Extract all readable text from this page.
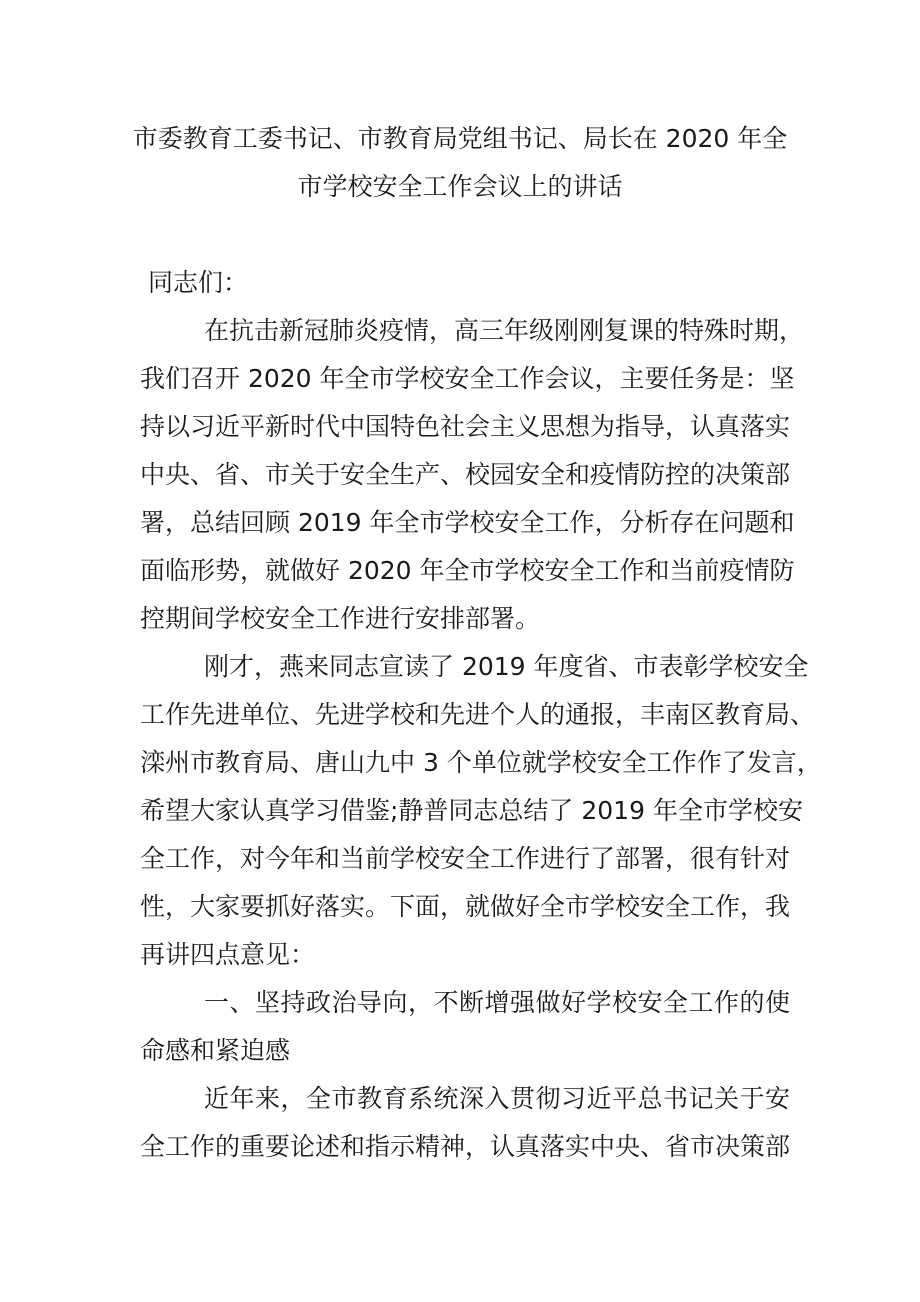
市委教育工委书记、市教育局党组书记、局长在 2020 年全
市学校安全工作会议上的讲话
同志们：
在抗击新冠肺炎疫情，高三年级刚刚复课的特殊时期，
我们召开 2020 年全市学校安全工作会议，主要任务是：坚
持以习近平新时代中国特色社会主义思想为指导，认真落实
中央、省、市关于安全生产、校园安全和疫情防控的决策部
署，总结回顾 2019 年全市学校安全工作，分析存在问题和
面临形势，就做好 2020 年全市学校安全工作和当前疫情防
控期间学校安全工作进行安排部署。
刚才，燕来同志宣读了 2019 年度省、市表彰学校安全
工作先进单位、先进学校和先进个人的通报，丰南区教育局、
滦州市教育局、唐山九中 3 个单位就学校安全工作作了发言，
希望大家认真学习借鉴;静普同志总结了 2019 年全市学校安
全工作，对今年和当前学校安全工作进行了部署，很有针对
性，大家要抓好落实。下面，就做好全市学校安全工作，我
再讲四点意见：
一、坚持政治导向，不断增强做好学校安全工作的使
命感和紧迫感
近年来，全市教育系统深入贯彻习近平总书记关于安
全工作的重要论述和指示精神，认真落实中央、省市决策部
